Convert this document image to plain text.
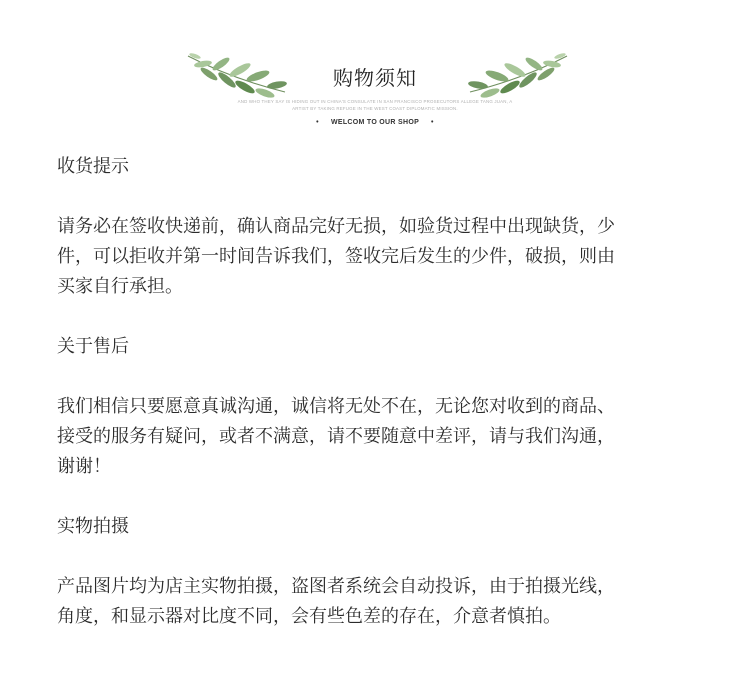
购物须知
AND WHO THEY SAY IS HIDING OUT IN CHINA'S CONSULATE IN SAN FRANCISCO PROSECUTORS ALLEGE TANG JUAN, A
ARTIST BY TAKING REFUGE IN THE WEST COAST DIPLOMATIC MISSION.
• WELCOM TO OUR SHOP •

收货提示

请务必在签收快递前，确认商品完好无损，如验货过程中出现缺货，少

件，可以拒收并第一时间告诉我们，签收完后发生的少件，破损，则由

买家自行承担。

关于售后

我们相信只要愿意真诚沟通，诚信将无处不在，无论您对收到的商品、

接受的服务有疑问，或者不满意，请不要随意中差评，请与我们沟通，

谢谢！

实物拍摄

产品图片均为店主实物拍摄，盗图者系统会自动投诉，由于拍摄光线，

角度，和显示器对比度不同，会有些色差的存在，介意者慎拍。
